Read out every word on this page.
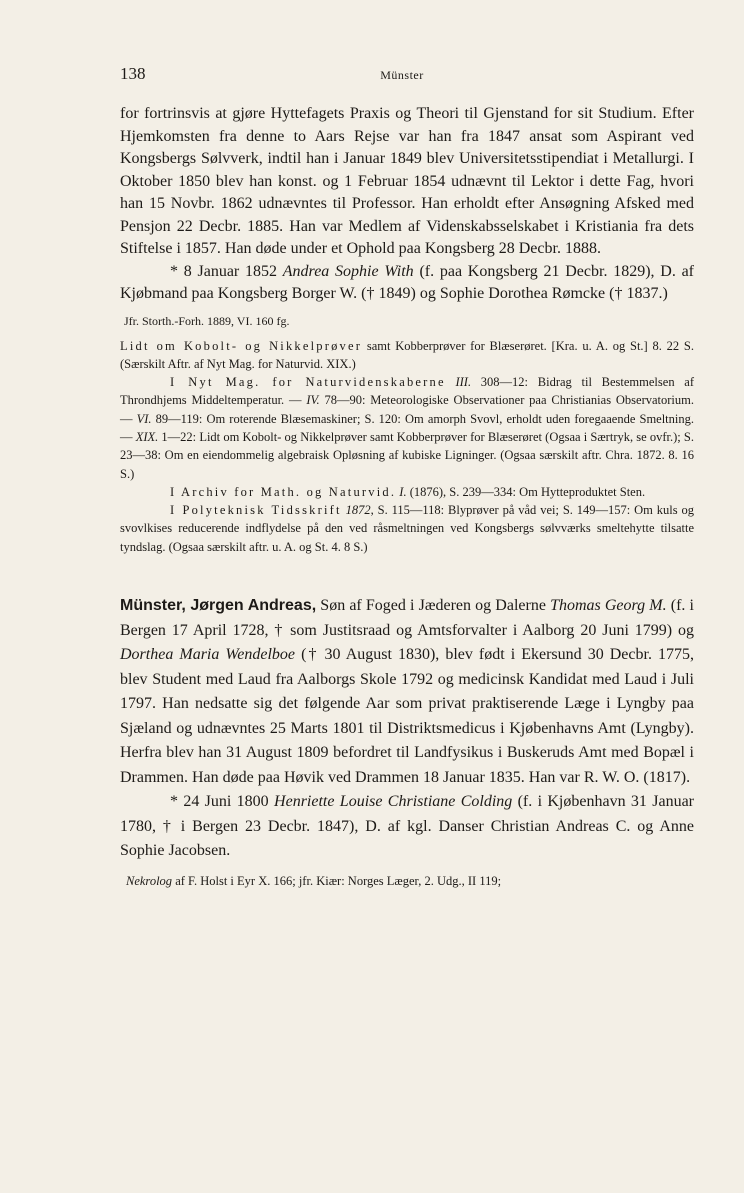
138	Münster

for fortrinsvis at gjøre Hyttefagets Praxis og Theori til Gjenstand for sit Studium. Efter Hjemkomsten fra denne to Aars Rejse var han fra 1847 ansat som Aspirant ved Kongsbergs Sølvverk, indtil han i Januar 1849 blev Universitetsstipendiat i Metallurgi. I Oktober 1850 blev han konst. og 1 Februar 1854 udnævnt til Lektor i dette Fag, hvori han 15 Novbr. 1862 udnævntes til Professor. Han erholdt efter Ansøgning Afsked med Pensjon 22 Decbr. 1885. Han var Medlem af Videnskabsselskabet i Kristiania fra dets Stiftelse i 1857. Han døde under et Ophold paa Kongsberg 28 Decbr. 1888.

* 8 Januar 1852 Andrea Sophie With (f. paa Kongsberg 21 Decbr. 1829), D. af Kjøbmand paa Kongsberg Borger W. († 1849) og Sophie Dorothea Rømcke († 1837.)

Jfr. Storth.-Forh. 1889, VI. 160 fg.

Lidt om Kobolt- og Nikkelprøver samt Kobberprøver for Blæserøret. [Kra. u. A. og St.] 8. 22 S. (Særskilt Aftr. af Nyt Mag. for Naturvid. XIX.)

I Nyt Mag. for Naturvidenskaberne III. 308—12: Bidrag til Bestemmelsen af Throndhjems Middeltemperatur. — IV. 78—90: Meteorologiske Observationer paa Christianias Observatorium. — VI. 89—119: Om roterende Blæsemaskiner; S. 120: Om amorph Svovl, erholdt uden foregaaende Smeltning. — XIX. 1—22: Lidt om Kobolt- og Nikkelprøver samt Kobberprøver for Blæserøret (Ogsaa i Særtryk, se ovfr.); S. 23—38: Om en eiendommelig algebraisk Opløsning af kubiske Ligninger. (Ogsaa særskilt aftr. Chra. 1872. 8. 16 S.)

I Archiv for Math. og Naturvid. I. (1876), S. 239—334: Om Hytteproduktet Sten.

I Polyteknisk Tidsskrift 1872, S. 115—118: Blyprøver på våd vei; S. 149—157: Om kuls og svovlkises reducerende indflydelse på den ved råsmeltningen ved Kongsbergs sølvværks smeltehytte tilsatte tyndslag. (Ogsaa særskilt aftr. u. A. og St. 4. 8 S.)

Münster, Jørgen Andreas, Søn af Foged i Jæderen og Dalerne Thomas Georg M. (f. i Bergen 17 April 1728, † som Justitsraad og Amtsforvalter i Aalborg 20 Juni 1799) og Dorthea Maria Wendelboe († 30 August 1830), blev født i Ekersund 30 Decbr. 1775, blev Student med Laud fra Aalborgs Skole 1792 og medicinsk Kandidat med Laud i Juli 1797. Han nedsatte sig det følgende Aar som privat praktiserende Læge i Lyngby paa Sjæland og udnævntes 25 Marts 1801 til Distriktsmedicus i Kjøbenhavns Amt (Lyngby). Herfra blev han 31 August 1809 befordret til Landfysikus i Buskeruds Amt med Bopæl i Drammen. Han døde paa Høvik ved Drammen 18 Januar 1835. Han var R. W. O. (1817).

* 24 Juni 1800 Henriette Louise Christiane Colding (f. i Kjøbenhavn 31 Januar 1780, † i Bergen 23 Decbr. 1847), D. af kgl. Danser Christian Andreas C. og Anne Sophie Jacobsen.

Nekrolog af F. Holst i Eyr X. 166; jfr. Kiær: Norges Læger, 2. Udg., II 119;
